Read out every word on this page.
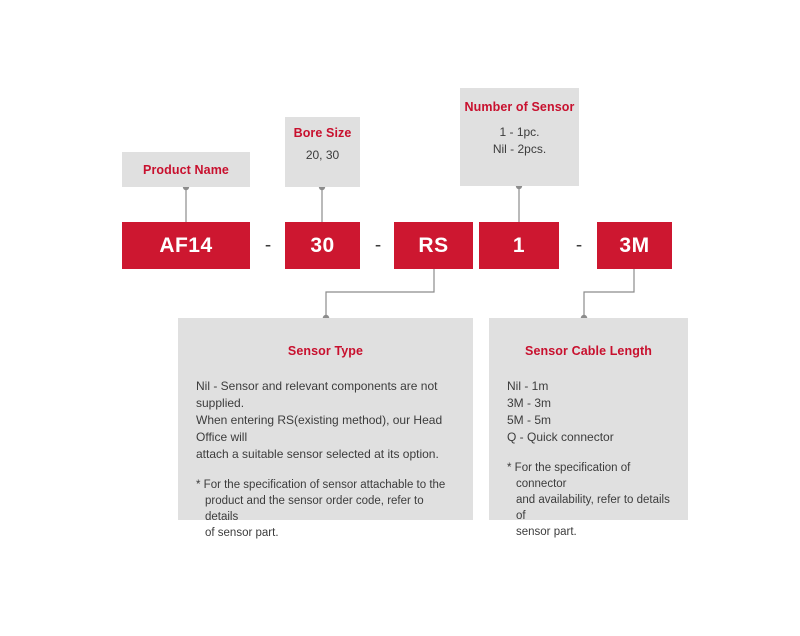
Product Name
Bore Size
20, 30
Number of Sensor
1 - 1pc.
Nil - 2pcs.
AF14	-	30	-	RS	1	-	3M
Sensor Type

Nil - Sensor and relevant components are not supplied.

When entering RS(existing method), our Head Office will

attach a suitable sensor selected at its option.

* For the specification of sensor attachable to the
product and the sensor order code, refer to details
of sensor part.
Sensor Cable Length

Nil - 1m

3M - 3m

5M - 5m

Q - Quick connector

* For the specification of connector
and availability, refer to details of
sensor part.
